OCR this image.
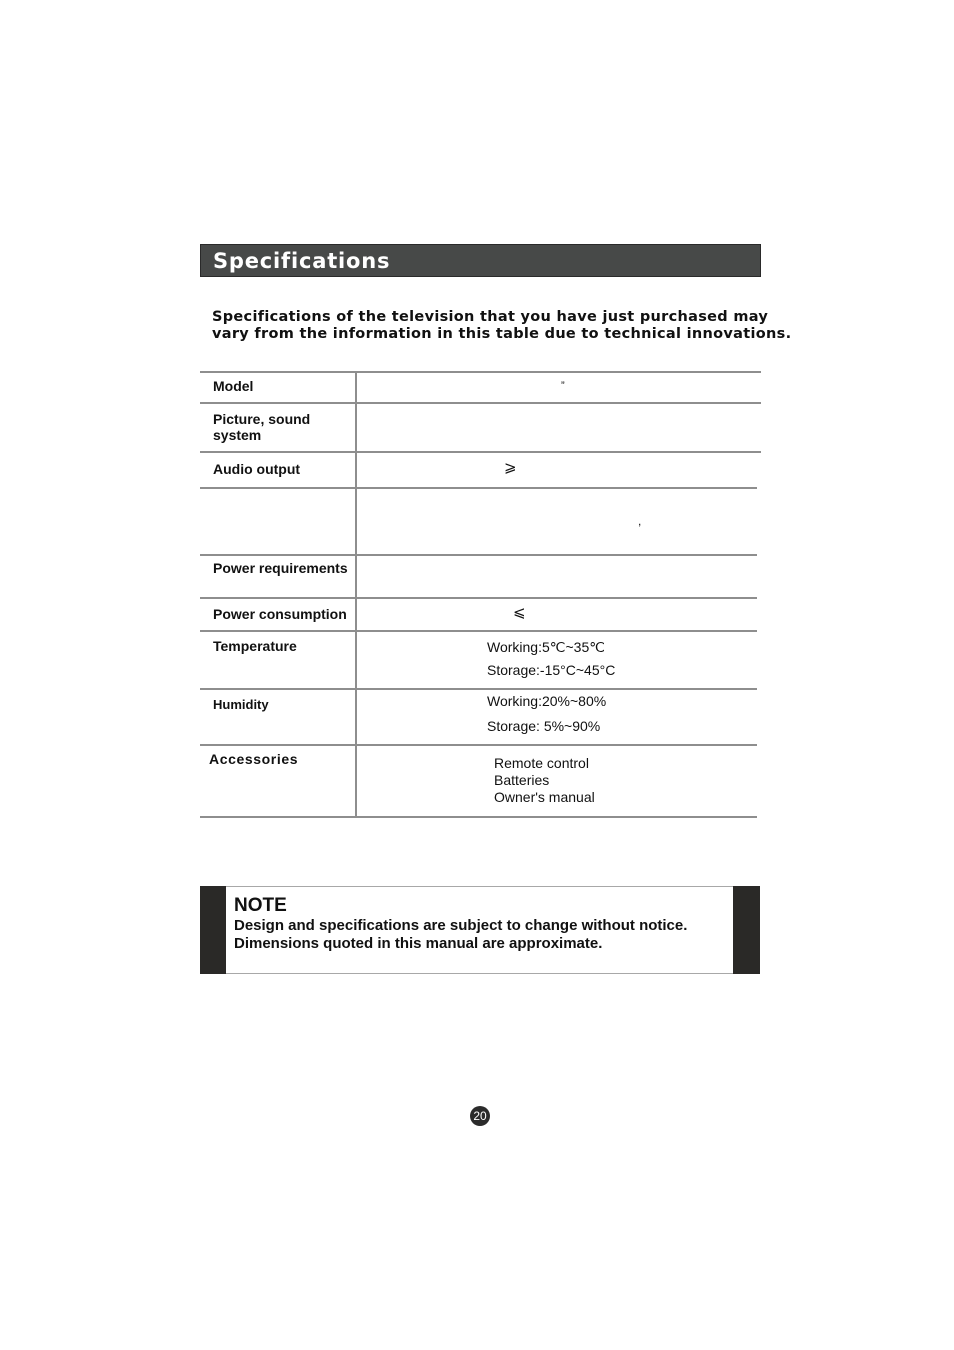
Specifications
Specifications of the television that you have just purchased may
vary from the information in this table due to technical innovations.
Model	”
Picture, sound
system
Audio output	⩾
,
Power requirements
Power consumption	⩽
Temperature	Working:5℃~35℃
Storage:-15°C~45°C
Humidity	Working:20%~80%
Storage: 5%~90%
Accessories	Remote control
Batteries
Owner's manual
NOTE
Design and specifications are subject to change without notice.
Dimensions quoted in this manual are approximate.
20
